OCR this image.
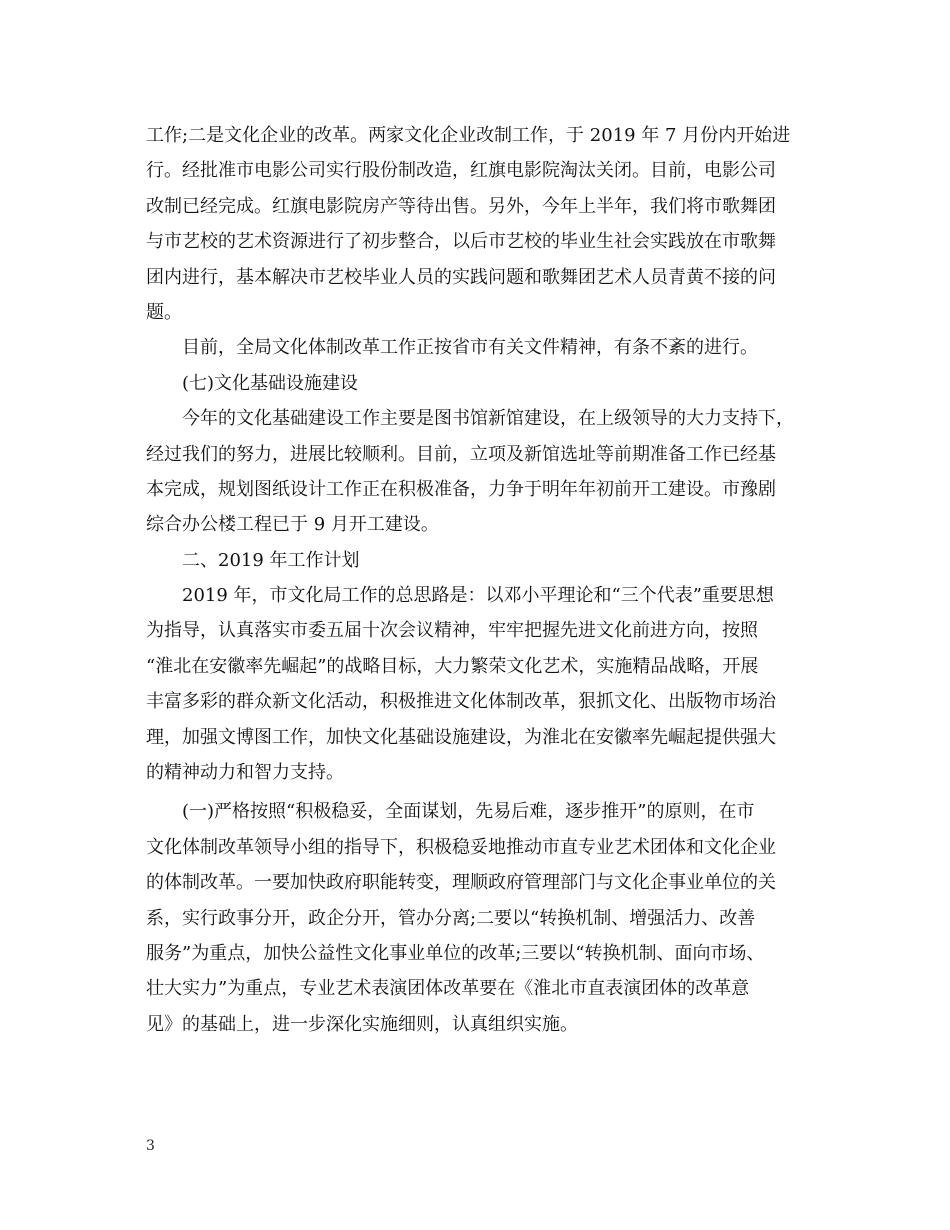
工作;二是文化企业的改革。两家文化企业改制工作，于 2019 年 7 月份内开始进
行。经批准市电影公司实行股份制改造，红旗电影院淘汰关闭。目前，电影公司
改制已经完成。红旗电影院房产等待出售。另外，今年上半年，我们将市歌舞团
与市艺校的艺术资源进行了初步整合，以后市艺校的毕业生社会实践放在市歌舞
团内进行，基本解决市艺校毕业人员的实践问题和歌舞团艺术人员青黄不接的问
题。
目前，全局文化体制改革工作正按省市有关文件精神，有条不紊的进行。
(七)文化基础设施建设
今年的文化基础建设工作主要是图书馆新馆建设，在上级领导的大力支持下，
经过我们的努力，进展比较顺利。目前，立项及新馆选址等前期准备工作已经基
本完成，规划图纸设计工作正在积极准备，力争于明年年初前开工建设。市豫剧
综合办公楼工程已于 9 月开工建设。
二、2019 年工作计划
2019 年，市文化局工作的总思路是：以邓小平理论和“三个代表”重要思想
为指导，认真落实市委五届十次会议精神，牢牢把握先进文化前进方向，按照
“淮北在安徽率先崛起”的战略目标，大力繁荣文化艺术，实施精品战略，开展
丰富多彩的群众新文化活动，积极推进文化体制改革，狠抓文化、出版物市场治
理，加强文博图工作，加快文化基础设施建设，为淮北在安徽率先崛起提供强大
的精神动力和智力支持。
(一)严格按照“积极稳妥，全面谋划，先易后难，逐步推开”的原则，在市
文化体制改革领导小组的指导下，积极稳妥地推动市直专业艺术团体和文化企业
的体制改革。一要加快政府职能转变，理顺政府管理部门与文化企事业单位的关
系，实行政事分开，政企分开，管办分离;二要以“转换机制、增强活力、改善
服务”为重点，加快公益性文化事业单位的改革;三要以“转换机制、面向市场、
壮大实力”为重点，专业艺术表演团体改革要在《淮北市直表演团体的改革意
见》的基础上，进一步深化实施细则，认真组织实施。
3
